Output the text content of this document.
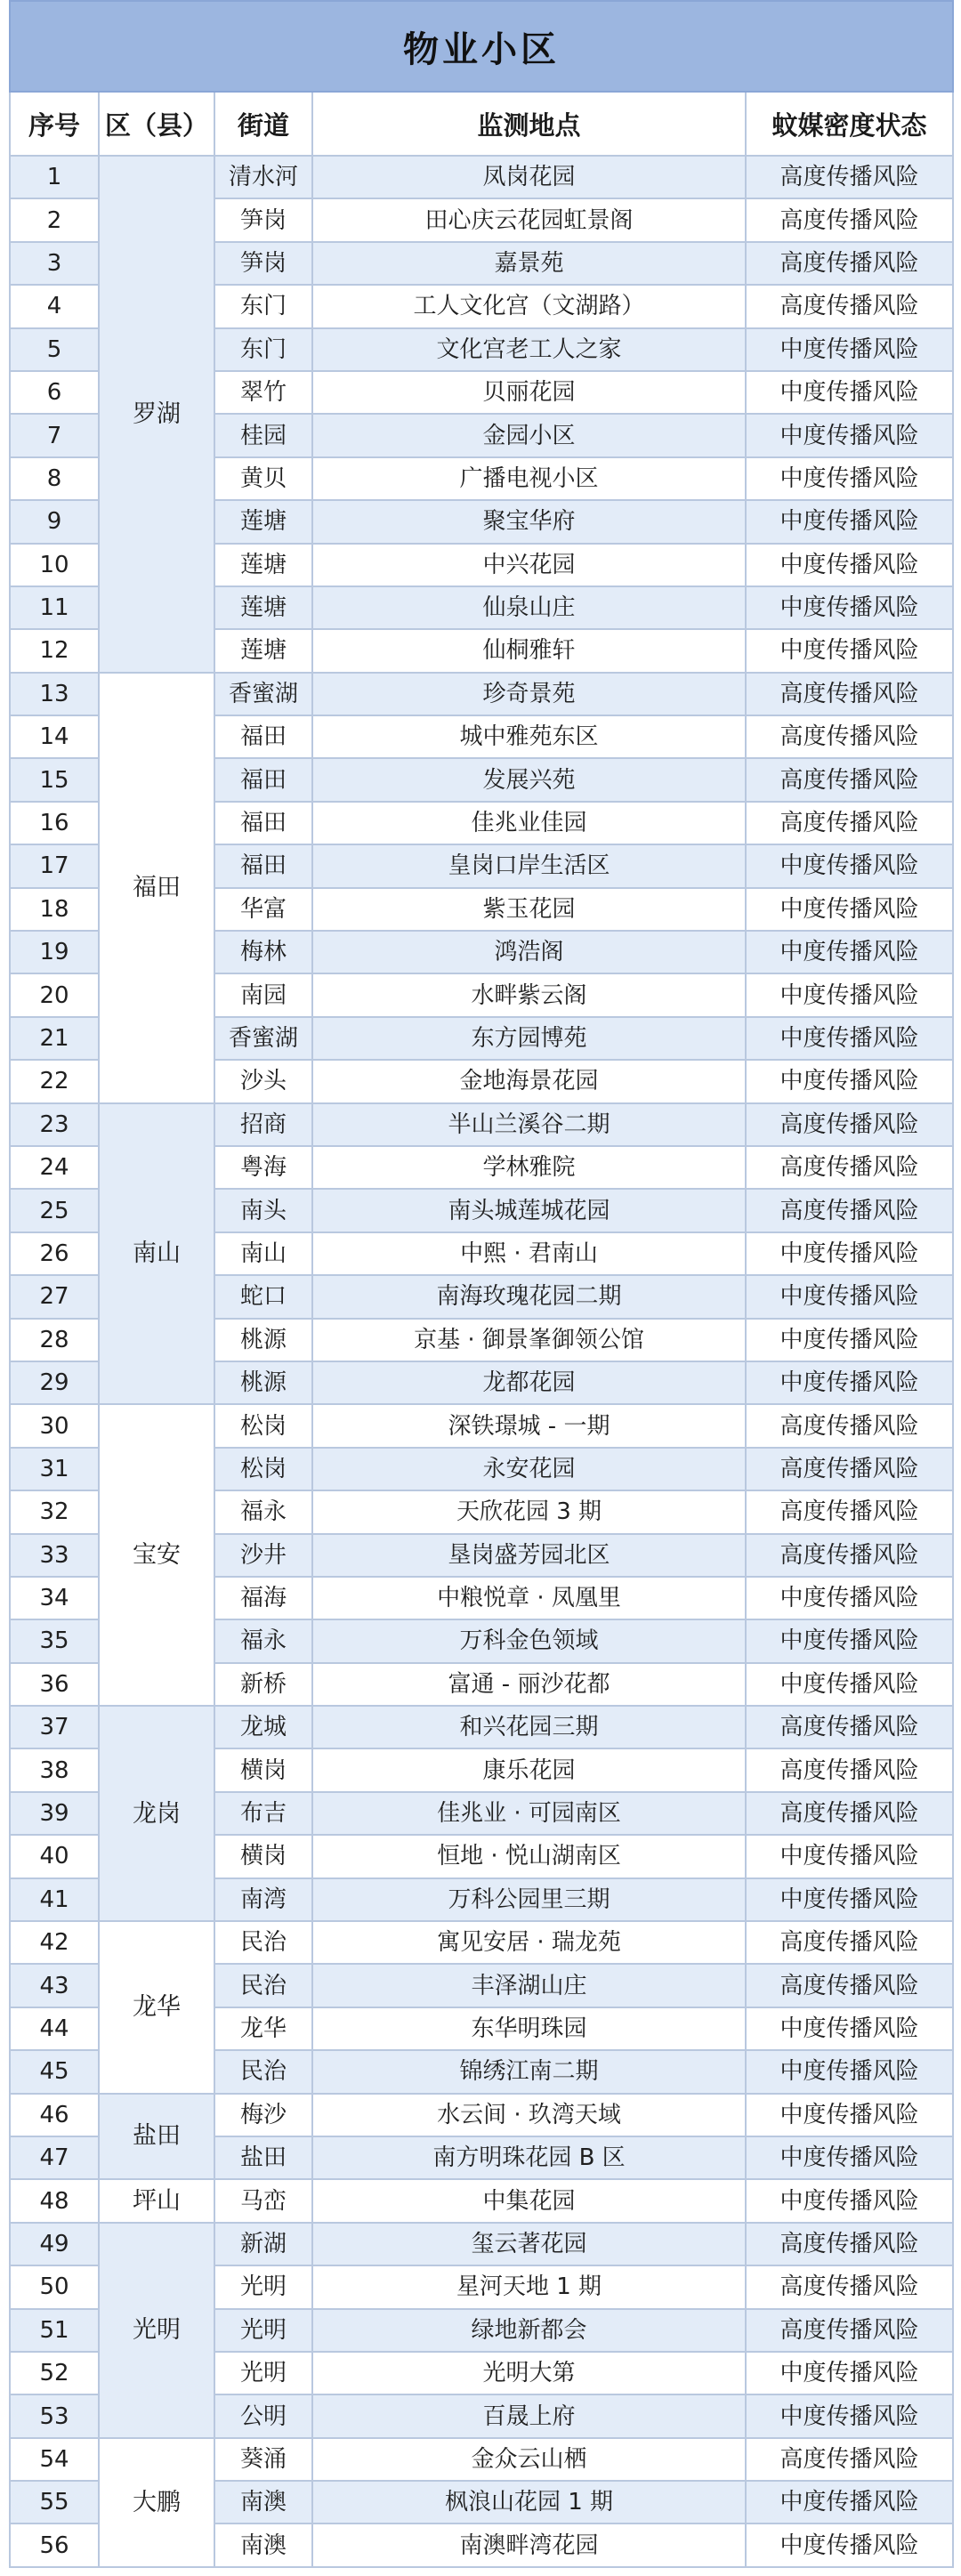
物业小区				
序号	区（县）	街道	监测地点	蚊媒密度状态
1	罗湖	清水河	凤岗花园	高度传播风险
2		笋岗	田心庆云花园虹景阁	高度传播风险
3		笋岗	嘉景苑	高度传播风险
4		东门	工人文化宫（文湖路）	高度传播风险
5		东门	文化宫老工人之家	中度传播风险
6		翠竹	贝丽花园	中度传播风险
7		桂园	金园小区	中度传播风险
8		黄贝	广播电视小区	中度传播风险
9		莲塘	聚宝华府	中度传播风险
10		莲塘	中兴花园	中度传播风险
11		莲塘	仙泉山庄	中度传播风险
12		莲塘	仙桐雅轩	中度传播风险
13	福田	香蜜湖	珍奇景苑	高度传播风险
14		福田	城中雅苑东区	高度传播风险
15		福田	发展兴苑	高度传播风险
16		福田	佳兆业佳园	高度传播风险
17		福田	皇岗口岸生活区	中度传播风险
18		华富	紫玉花园	中度传播风险
19		梅林	鸿浩阁	中度传播风险
20		南园	水畔紫云阁	中度传播风险
21		香蜜湖	东方园博苑	中度传播风险
22		沙头	金地海景花园	中度传播风险
23	南山	招商	半山兰溪谷二期	高度传播风险
24		粤海	学林雅院	高度传播风险
25		南头	南头城莲城花园	高度传播风险
26		南山	中熙 · 君南山	中度传播风险
27		蛇口	南海玫瑰花园二期	中度传播风险
28		桃源	京基 · 御景峯御领公馆	中度传播风险
29		桃源	龙都花园	中度传播风险
30	宝安	松岗	深铁璟城 - 一期	高度传播风险
31		松岗	永安花园	高度传播风险
32		福永	天欣花园 3 期	高度传播风险
33		沙井	垦岗盛芳园北区	高度传播风险
34		福海	中粮悦章 · 凤凰里	中度传播风险
35		福永	万科金色领域	中度传播风险
36		新桥	富通 - 丽沙花都	中度传播风险
37	龙岗	龙城	和兴花园三期	高度传播风险
38		横岗	康乐花园	高度传播风险
39		布吉	佳兆业 · 可园南区	高度传播风险
40		横岗	恒地 · 悦山湖南区	中度传播风险
41		南湾	万科公园里三期	中度传播风险
42	龙华	民治	寓见安居 · 瑞龙苑	高度传播风险
43		民治	丰泽湖山庄	高度传播风险
44		龙华	东华明珠园	中度传播风险
45		民治	锦绣江南二期	中度传播风险
46	盐田	梅沙	水云间 · 玖湾天域	中度传播风险
47		盐田	南方明珠花园 B 区	中度传播风险
48	坪山	马峦	中集花园	中度传播风险
49	光明	新湖	玺云著花园	高度传播风险
50		光明	星河天地 1 期	高度传播风险
51		光明	绿地新都会	高度传播风险
52		光明	光明大第	中度传播风险
53		公明	百晟上府	中度传播风险
54	大鹏	葵涌	金众云山栖	高度传播风险
55		南澳	枫浪山花园 1 期	中度传播风险
56		南澳	南澳畔湾花园	中度传播风险
